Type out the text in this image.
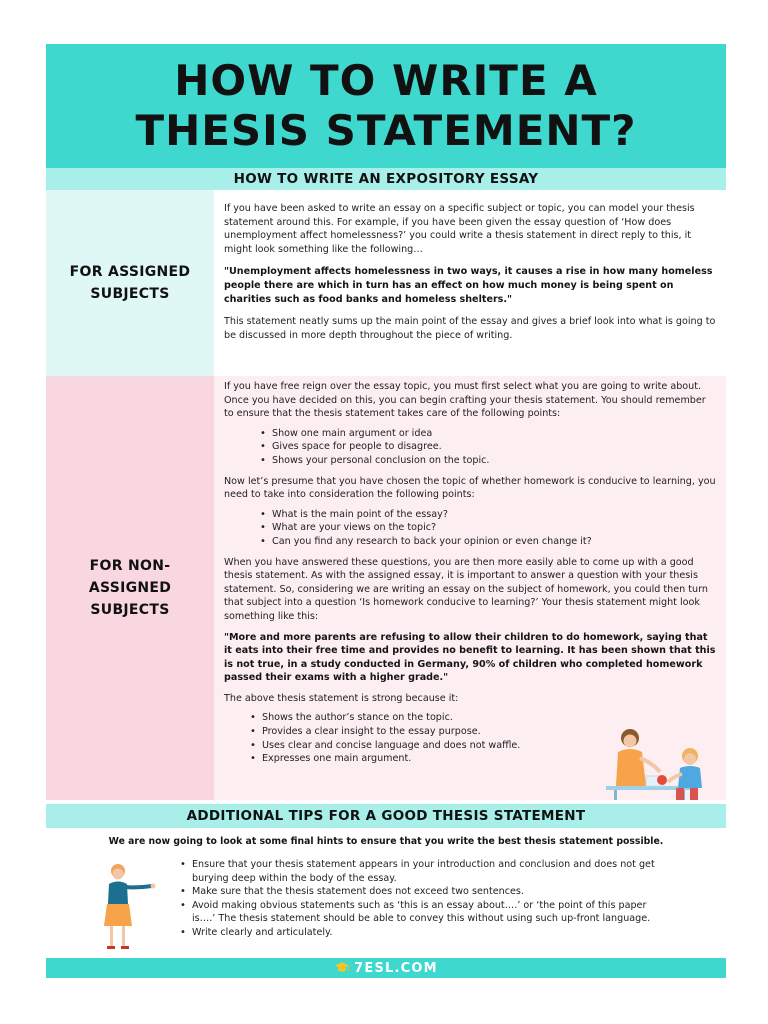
HOW TO WRITE A
THESIS STATEMENT?
HOW TO WRITE AN EXPOSITORY ESSAY
FOR ASSIGNED
SUBJECTS

If you have been asked to write an essay on a specific subject or topic, you can model your thesis statement around this. For example, if you have been given the essay question of ‘How does unemployment affect homelessness?’ you could write a thesis statement in direct reply to this, it might look something like the following…

"Unemployment affects homelessness in two ways, it causes a rise in how many homeless people there are which in turn has an effect on how much money is being spent on charities such as food banks and homeless shelters."

This statement neatly sums up the main point of the essay and gives a brief look into what is going to be discussed in more depth throughout the piece of writing.

FOR NON-
ASSIGNED
SUBJECTS

If you have free reign over the essay topic, you must first select what you are going to write about. Once you have decided on this, you can begin crafting your thesis statement. You should remember to ensure that the thesis statement takes care of the following points:

• Show one main argument or idea
• Gives space for people to disagree.
• Shows your personal conclusion on the topic.

Now let’s presume that you have chosen the topic of whether homework is conducive to learning, you need to take into consideration the following points:

• What is the main point of the essay?
• What are your views on the topic?
• Can you find any research to back your opinion or even change it?

When you have answered these questions, you are then more easily able to come up with a good thesis statement. As with the assigned essay, it is important to answer a question with your thesis statement. So, considering we are writing an essay on the subject of homework, you could then turn that subject into a question ‘Is homework conducive to learning?’ Your thesis statement might look something like this:

"More and more parents are refusing to allow their children to do homework, saying that it eats into their free time and provides no benefit to learning. It has been shown that this is not true, in a study conducted in Germany, 90% of children who completed homework passed their exams with a higher grade."

The above thesis statement is strong because it:

• Shows the author’s stance on the topic.
• Provides a clear insight to the essay purpose.
• Uses clear and concise language and does not waffle.
• Expresses one main argument.
ADDITIONAL TIPS FOR A GOOD THESIS STATEMENT
We are now going to look at some final hints to ensure that you write the best thesis statement possible.
• Ensure that your thesis statement appears in your introduction and conclusion and does not get burying deep within the body of the essay.
• Make sure that the thesis statement does not exceed two sentences.
• Avoid making obvious statements such as ‘this is an essay about….’ or ‘the point of this paper is….’ The thesis statement should be able to convey this without using such up-front language.
• Write clearly and articulately.
7ESL.COM
